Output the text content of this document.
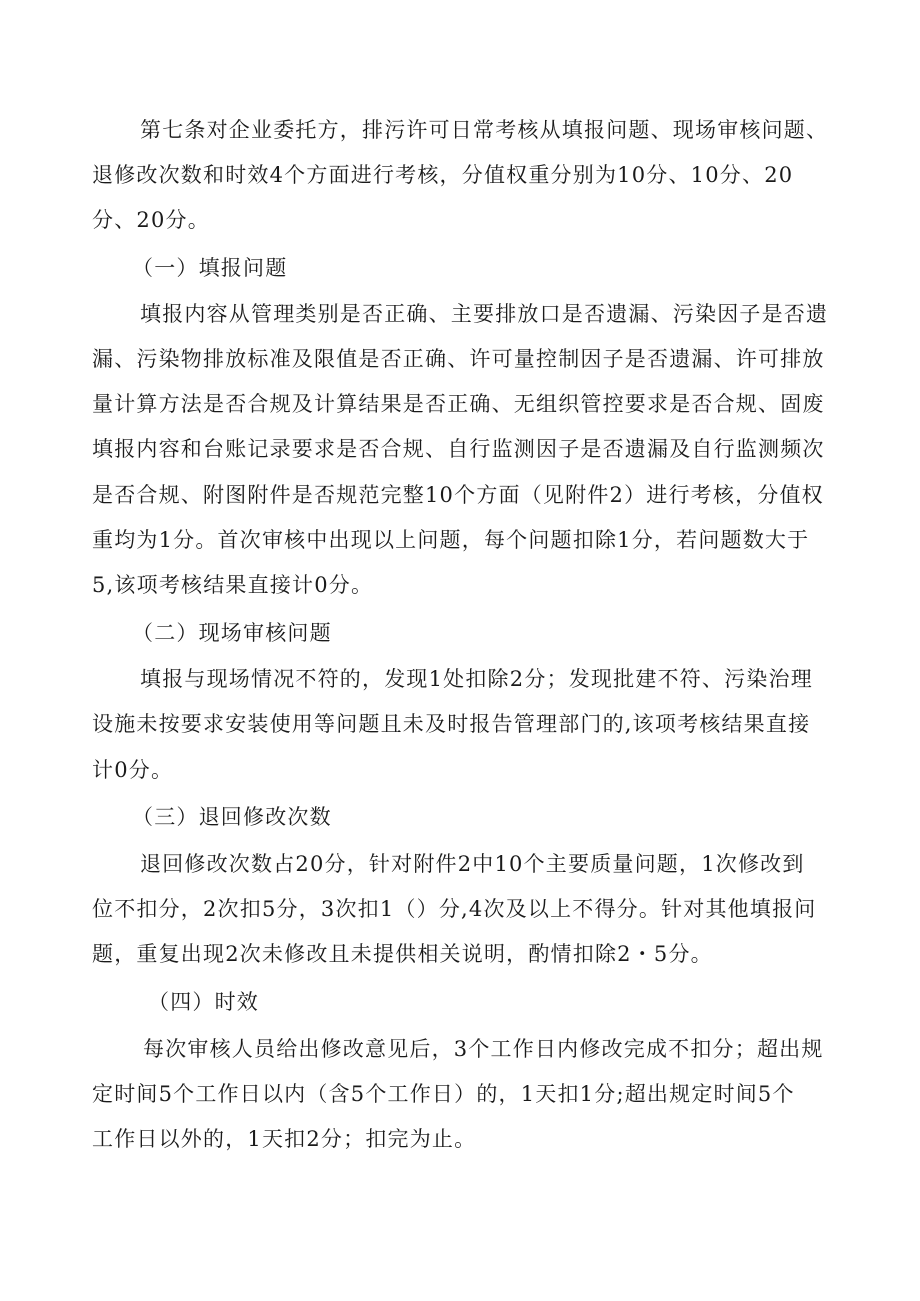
第七条对企业委托方，排污许可日常考核从填报问题、现场审核问题、
退修改次数和时效4个方面进行考核，分值权重分别为10分、10分、20
分、20分。
（一）填报问题
填报内容从管理类别是否正确、主要排放口是否遗漏、污染因子是否遗
漏、污染物排放标准及限值是否正确、许可量控制因子是否遗漏、许可排放
量计算方法是否合规及计算结果是否正确、无组织管控要求是否合规、固废
填报内容和台账记录要求是否合规、自行监测因子是否遗漏及自行监测频次
是否合规、附图附件是否规范完整10个方面（见附件2）进行考核，分值权
重均为1分。首次审核中出现以上问题，每个问题扣除1分，若问题数大于
5,该项考核结果直接计0分。
（二）现场审核问题
填报与现场情况不符的，发现1处扣除2分；发现批建不符、污染治理
设施未按要求安装使用等问题且未及时报告管理部门的,该项考核结果直接
计0分。
（三）退回修改次数
退回修改次数占20分，针对附件2中10个主要质量问题，1次修改到
位不扣分，2次扣5分，3次扣1（）分,4次及以上不得分。针对其他填报问
题，重复出现2次未修改且未提供相关说明，酌情扣除2・5分。
（四）时效
每次审核人员给出修改意见后，3个工作日内修改完成不扣分；超出规
定时间5个工作日以内（含5个工作日）的，1天扣1分;超出规定时间5个
工作日以外的，1天扣2分；扣完为止。
